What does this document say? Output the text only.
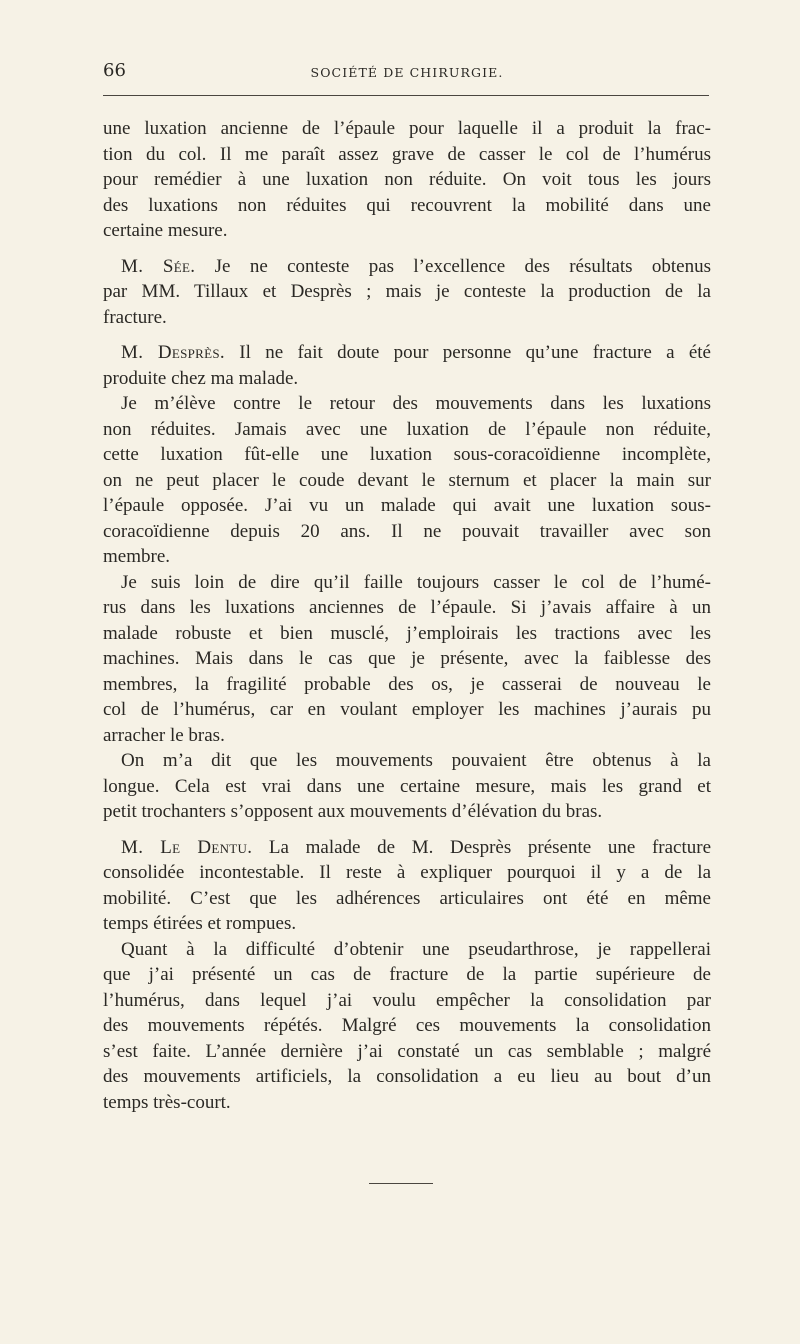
66	SOCIÉTÉ DE CHIRURGIE.
une luxation ancienne de l’épaule pour laquelle il a produit la frac-
tion du col. Il me paraît assez grave de casser le col de l’humérus
pour remédier à une luxation non réduite. On voit tous les jours
des luxations non réduites qui recouvrent la mobilité dans une
certaine mesure.
M. Sée. Je ne conteste pas l’excellence des résultats obtenus
par MM. Tillaux et Desprès ; mais je conteste la production de la
fracture.
M. Desprès. Il ne fait doute pour personne qu’une fracture a été
produite chez ma malade.
Je m’élève contre le retour des mouvements dans les luxations
non réduites. Jamais avec une luxation de l’épaule non réduite,
cette luxation fût-elle une luxation sous-coracoïdienne incomplète,
on ne peut placer le coude devant le sternum et placer la main sur
l’épaule opposée. J’ai vu un malade qui avait une luxation sous-
coracoïdienne depuis 20 ans. Il ne pouvait travailler avec son
membre.
Je suis loin de dire qu’il faille toujours casser le col de l’humé-
rus dans les luxations anciennes de l’épaule. Si j’avais affaire à un
malade robuste et bien musclé, j’emploirais les tractions avec les
machines. Mais dans le cas que je présente, avec la faiblesse des
membres, la fragilité probable des os, je casserai de nouveau le
col de l’humérus, car en voulant employer les machines j’aurais pu
arracher le bras.
On m’a dit que les mouvements pouvaient être obtenus à la
longue. Cela est vrai dans une certaine mesure, mais les grand et
petit trochanters s’opposent aux mouvements d’élévation du bras.
M. Le Dentu. La malade de M. Desprès présente une fracture
consolidée incontestable. Il reste à expliquer pourquoi il y a de la
mobilité. C’est que les adhérences articulaires ont été en même
temps étirées et rompues.
Quant à la difficulté d’obtenir une pseudarthrose, je rappellerai
que j’ai présenté un cas de fracture de la partie supérieure de
l’humérus, dans lequel j’ai voulu empêcher la consolidation par
des mouvements répétés. Malgré ces mouvements la consolidation
s’est faite. L’année dernière j’ai constaté un cas semblable ; malgré
des mouvements artificiels, la consolidation a eu lieu au bout d’un
temps très-court.
